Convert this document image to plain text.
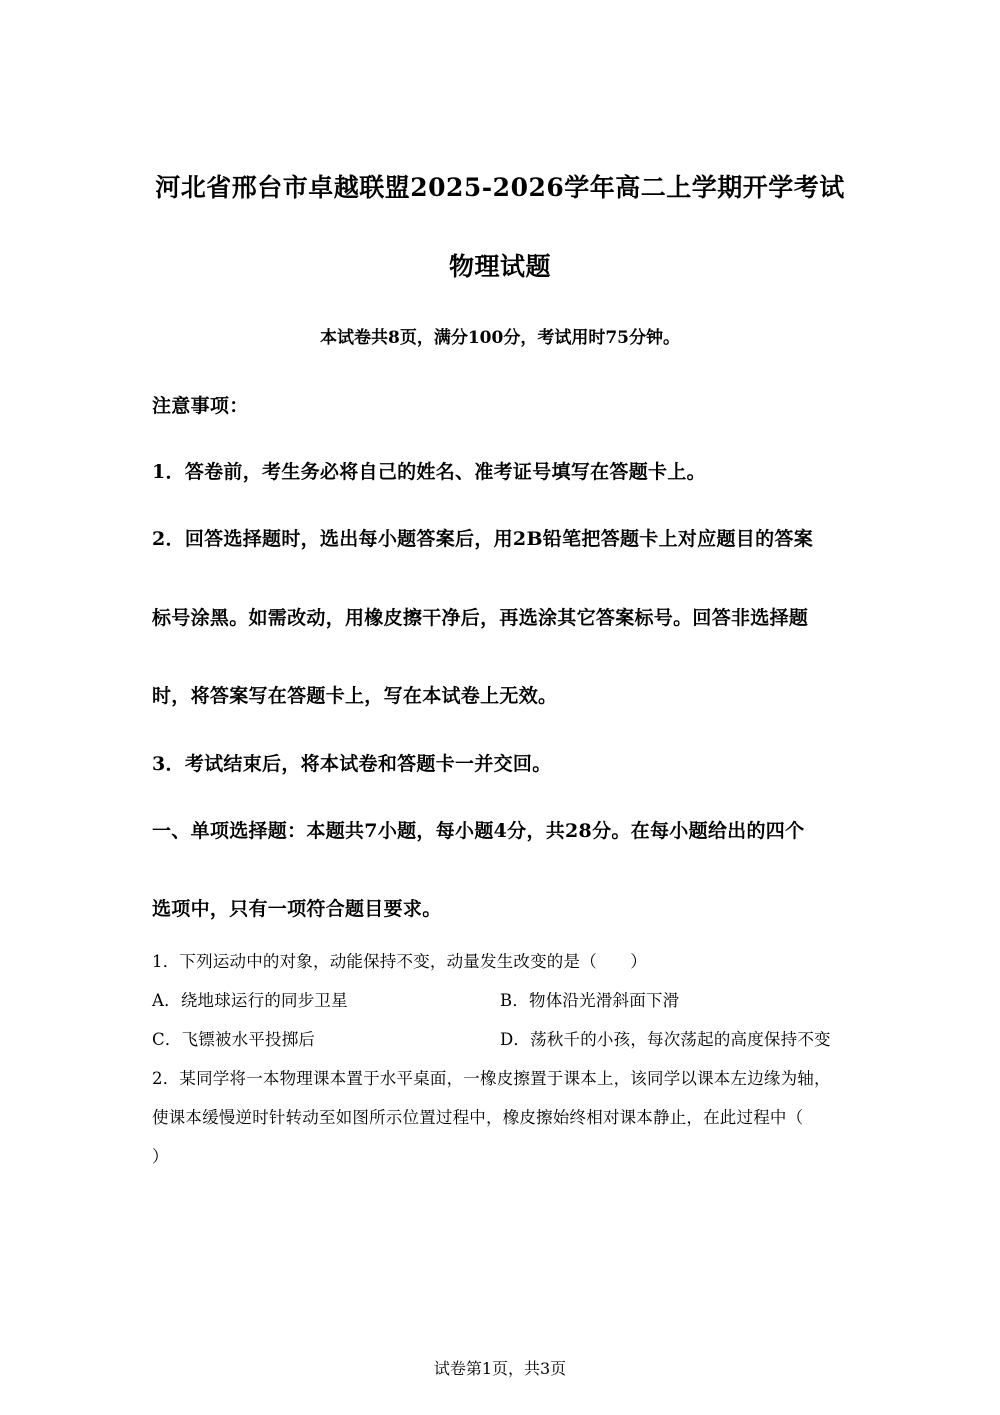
河北省邢台市卓越联盟2025-2026学年高二上学期开学考试
物理试题
本试卷共8页，满分100分，考试用时75分钟。
注意事项：
1．答卷前，考生务必将自己的姓名、准考证号填写在答题卡上。
2．回答选择题时，选出每小题答案后，用2B铅笔把答题卡上对应题目的答案
标号涂黑。如需改动，用橡皮擦干净后，再选涂其它答案标号。回答非选择题
时，将答案写在答题卡上，写在本试卷上无效。
3．考试结束后，将本试卷和答题卡一并交回。
一、单项选择题：本题共7小题，每小题4分，共28分。在每小题给出的四个
选项中，只有一项符合题目要求。
1．下列运动中的对象，动能保持不变，动量发生改变的是（　　）
A．绕地球运行的同步卫星	B．物体沿光滑斜面下滑
C．飞镖被水平投掷后	D．荡秋千的小孩，每次荡起的高度保持不变
2．某同学将一本物理课本置于水平桌面，一橡皮擦置于课本上，该同学以课本左边缘为轴，
使课本缓慢逆时针转动至如图所示位置过程中，橡皮擦始终相对课本静止，在此过程中（
）
试卷第1页，共3页
